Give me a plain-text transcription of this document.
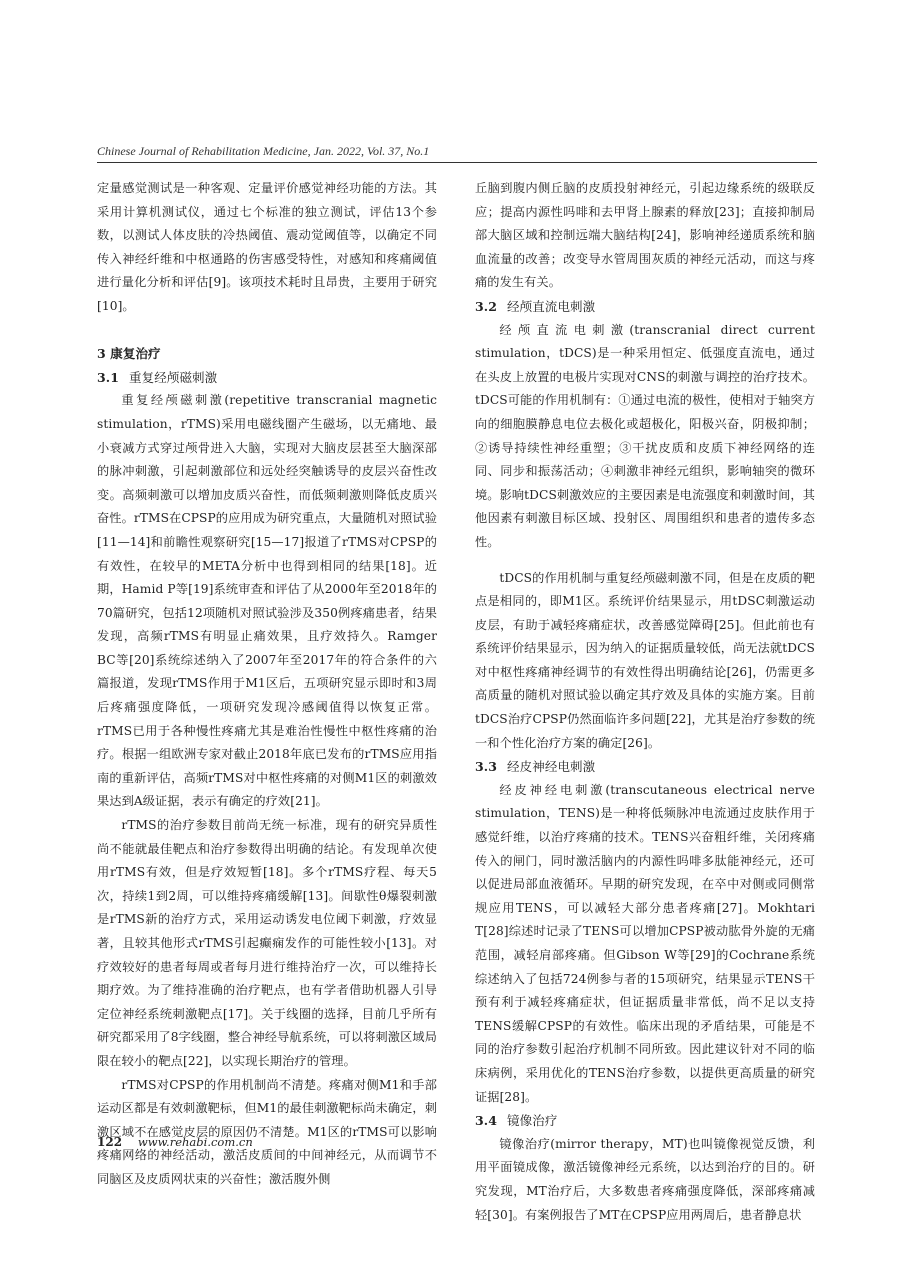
Chinese Journal of Rehabilitation Medicine, Jan. 2022, Vol. 37, No.1

定量感觉测试是一种客观、定量评价感觉神经功能的方法。其采用计算机测试仪，通过七个标准的独立测试，评估13个参数，以测试人体皮肤的冷热阈值、震动觉阈值等，以确定不同传入神经纤维和中枢通路的伤害感受特性，对感知和疼痛阈值进行量化分析和评估[9]。该项技术耗时且昂贵，主要用于研究[10]。

3 康复治疗
3.1 重复经颅磁刺激

重复经颅磁刺激(repetitive transcranial magnetic stimulation，rTMS)采用电磁线圈产生磁场，以无痛地、最小衰减方式穿过颅骨进入大脑，实现对大脑皮层甚至大脑深部的脉冲刺激，引起刺激部位和远处经突触诱导的皮层兴奋性改变。高频刺激可以增加皮质兴奋性，而低频刺激则降低皮质兴奋性。rTMS在CPSP的应用成为研究重点，大量随机对照试验[11—14]和前瞻性观察研究[15—17]报道了rTMS对CPSP的有效性，在较早的META分析中也得到相同的结果[18]。近期，Hamid P等[19]系统审查和评估了从2000年至2018年的70篇研究，包括12项随机对照试验涉及350例疼痛患者，结果发现，高频rTMS有明显止痛效果，且疗效持久。Ramger BC等[20]系统综述纳入了2007年至2017年的符合条件的六篇报道，发现rTMS作用于M1区后，五项研究显示即时和3周后疼痛强度降低，一项研究发现冷感阈值得以恢复正常。rTMS已用于各种慢性疼痛尤其是难治性慢性中枢性疼痛的治疗。根据一组欧洲专家对截止2018年底已发布的rTMS应用指南的重新评估，高频rTMS对中枢性疼痛的对侧M1区的刺激效果达到A级证据，表示有确定的疗效[21]。

rTMS的治疗参数目前尚无统一标准，现有的研究异质性尚不能就最佳靶点和治疗参数得出明确的结论。有发现单次使用rTMS有效，但是疗效短暂[18]。多个rTMS疗程、每天5次，持续1到2周，可以维持疼痛缓解[13]。间歇性θ爆裂刺激是rTMS新的治疗方式，采用运动诱发电位阈下刺激，疗效显著，且较其他形式rTMS引起癫痫发作的可能性较小[13]。对疗效较好的患者每周或者每月进行维持治疗一次，可以维持长期疗效。为了维持准确的治疗靶点，也有学者借助机器人引导定位神经系统刺激靶点[17]。关于线圈的选择，目前几乎所有研究都采用了8字线圈，整合神经导航系统，可以将刺激区域局限在较小的靶点[22]，以实现长期治疗的管理。

rTMS对CPSP的作用机制尚不清楚。疼痛对侧M1和手部运动区都是有效刺激靶标，但M1的最佳刺激靶标尚未确定，刺激区域不在感觉皮层的原因仍不清楚。M1区的rTMS可以影响疼痛网络的神经活动，激活皮质间的中间神经元，从而调节不同脑区及皮质网状束的兴奋性；激活腹外侧

丘脑到腹内侧丘脑的皮质投射神经元，引起边缘系统的级联反应；提高内源性吗啡和去甲肾上腺素的释放[23]；直接抑制局部大脑区域和控制远端大脑结构[24]，影响神经递质系统和脑血流量的改善；改变导水管周围灰质的神经元活动，而这与疼痛的发生有关。

3.2 经颅直流电刺激

经颅直流电刺激(transcranial direct current stimulation，tDCS)是一种采用恒定、低强度直流电，通过在头皮上放置的电极片实现对CNS的刺激与调控的治疗技术。tDCS可能的作用机制有：①通过电流的极性，使相对于轴突方向的细胞膜静息电位去极化或超极化，阳极兴奋，阴极抑制；②诱导持续性神经重塑；③干扰皮质和皮质下神经网络的连同、同步和振荡活动；④刺激非神经元组织，影响轴突的微环境。影响tDCS刺激效应的主要因素是电流强度和刺激时间，其他因素有刺激目标区域、投射区、周围组织和患者的遗传多态性。

tDCS的作用机制与重复经颅磁刺激不同，但是在皮质的靶点是相同的，即M1区。系统评价结果显示，用tDSC刺激运动皮层，有助于减轻疼痛症状，改善感觉障碍[25]。但此前也有系统评价结果显示，因为纳入的证据质量较低，尚无法就tDCS对中枢性疼痛神经调节的有效性得出明确结论[26]，仍需更多高质量的随机对照试验以确定其疗效及具体的实施方案。目前tDCS治疗CPSP仍然面临许多问题[22]，尤其是治疗参数的统一和个性化治疗方案的确定[26]。

3.3 经皮神经电刺激

经皮神经电刺激(transcutaneous electrical nerve stimulation，TENS)是一种将低频脉冲电流通过皮肤作用于感觉纤维，以治疗疼痛的技术。TENS兴奋粗纤维，关闭疼痛传入的闸门，同时激活脑内的内源性吗啡多肽能神经元，还可以促进局部血液循环。早期的研究发现，在卒中对侧或同侧常规应用TENS，可以减轻大部分患者疼痛[27]。Mokhtari T[28]综述时记录了TENS可以增加CPSP被动肱骨外旋的无痛范围，减轻肩部疼痛。但Gibson W等[29]的Cochrane系统综述纳入了包括724例参与者的15项研究，结果显示TENS干预有利于减轻疼痛症状，但证据质量非常低，尚不足以支持TENS缓解CPSP的有效性。临床出现的矛盾结果，可能是不同的治疗参数引起治疗机制不同所致。因此建议针对不同的临床病例，采用优化的TENS治疗参数，以提供更高质量的研究证据[28]。

3.4 镜像治疗

镜像治疗(mirror therapy，MT)也叫镜像视觉反馈，利用平面镜成像，激活镜像神经元系统，以达到治疗的目的。研究发现，MT治疗后，大多数患者疼痛强度降低，深部疼痛减轻[30]。有案例报告了MT在CPSP应用两周后，患者静息状

122 www.rehabi.com.cn
